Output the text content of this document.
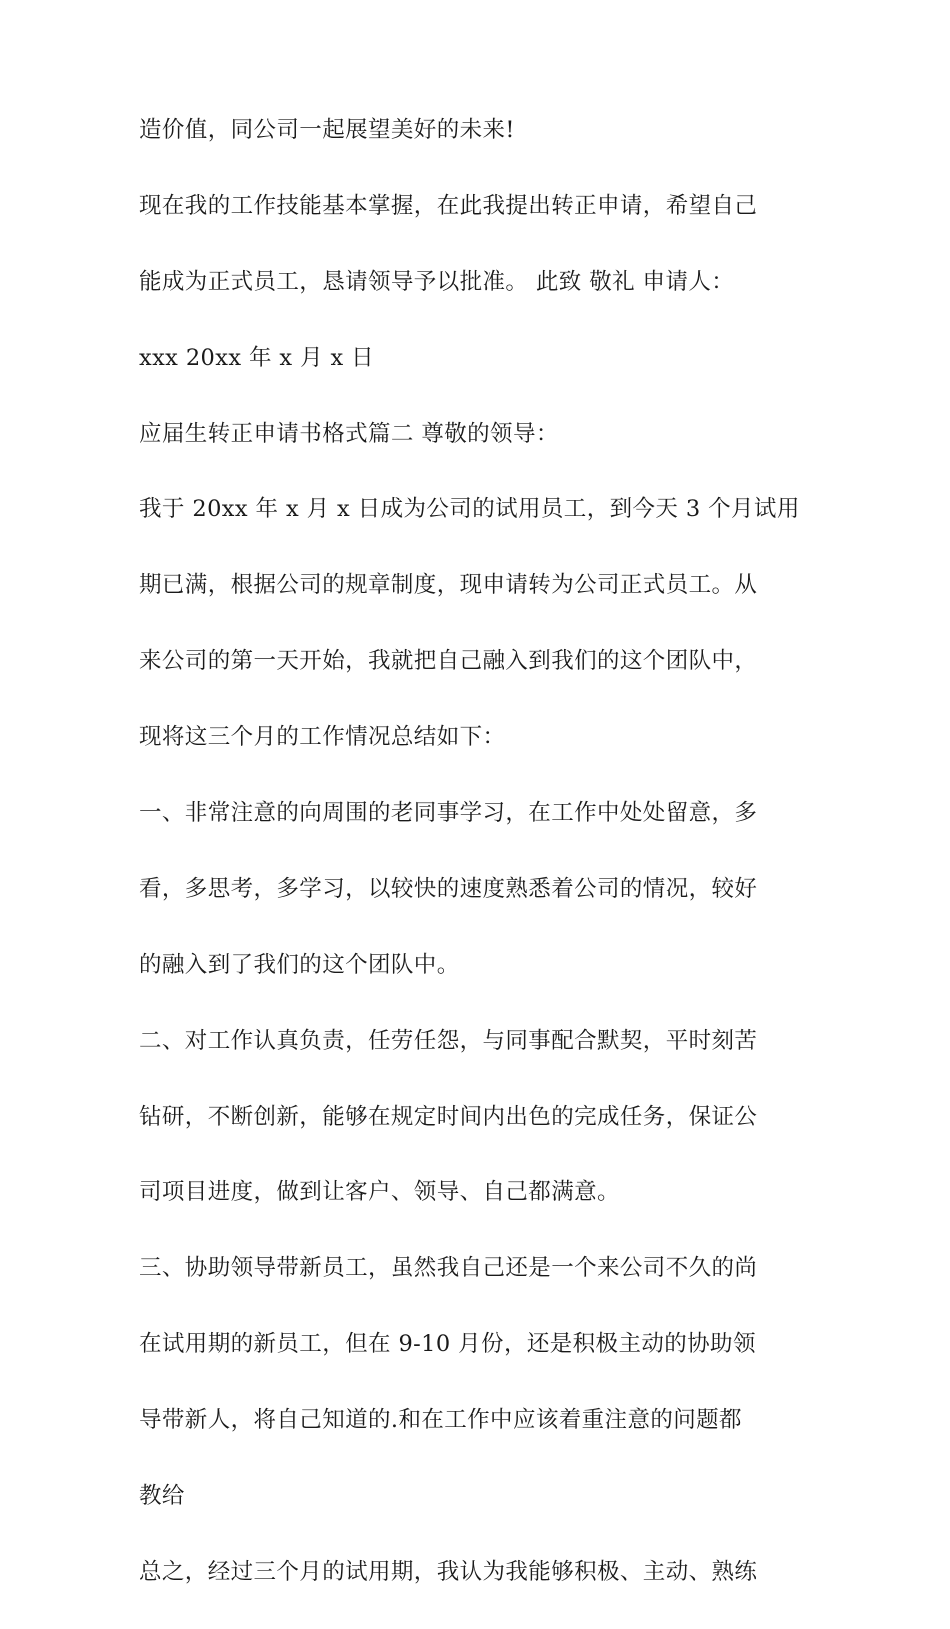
造价值，同公司一起展望美好的未来!
现在我的工作技能基本掌握，在此我提出转正申请，希望自己
能成为正式员工，恳请领导予以批准。 此致 敬礼 申请人：
xxx 20xx 年 x 月 x 日
应届生转正申请书格式篇二 尊敬的领导：
我于 20xx 年 x 月 x 日成为公司的试用员工，到今天 3 个月试用
期已满，根据公司的规章制度，现申请转为公司正式员工。从
来公司的第一天开始，我就把自己融入到我们的这个团队中，
现将这三个月的工作情况总结如下：
一、非常注意的向周围的老同事学习，在工作中处处留意，多
看，多思考，多学习，以较快的速度熟悉着公司的情况，较好
的融入到了我们的这个团队中。
二、对工作认真负责，任劳任怨，与同事配合默契，平时刻苦
钻研，不断创新，能够在规定时间内出色的完成任务，保证公
司项目进度，做到让客户、领导、自己都满意。
三、协助领导带新员工，虽然我自己还是一个来公司不久的尚
在试用期的新员工，但在 9-10 月份，还是积极主动的协助领
导带新人，将自己知道的.和在工作中应该着重注意的问题都
教给
总之，经过三个月的试用期，我认为我能够积极、主动、熟练
